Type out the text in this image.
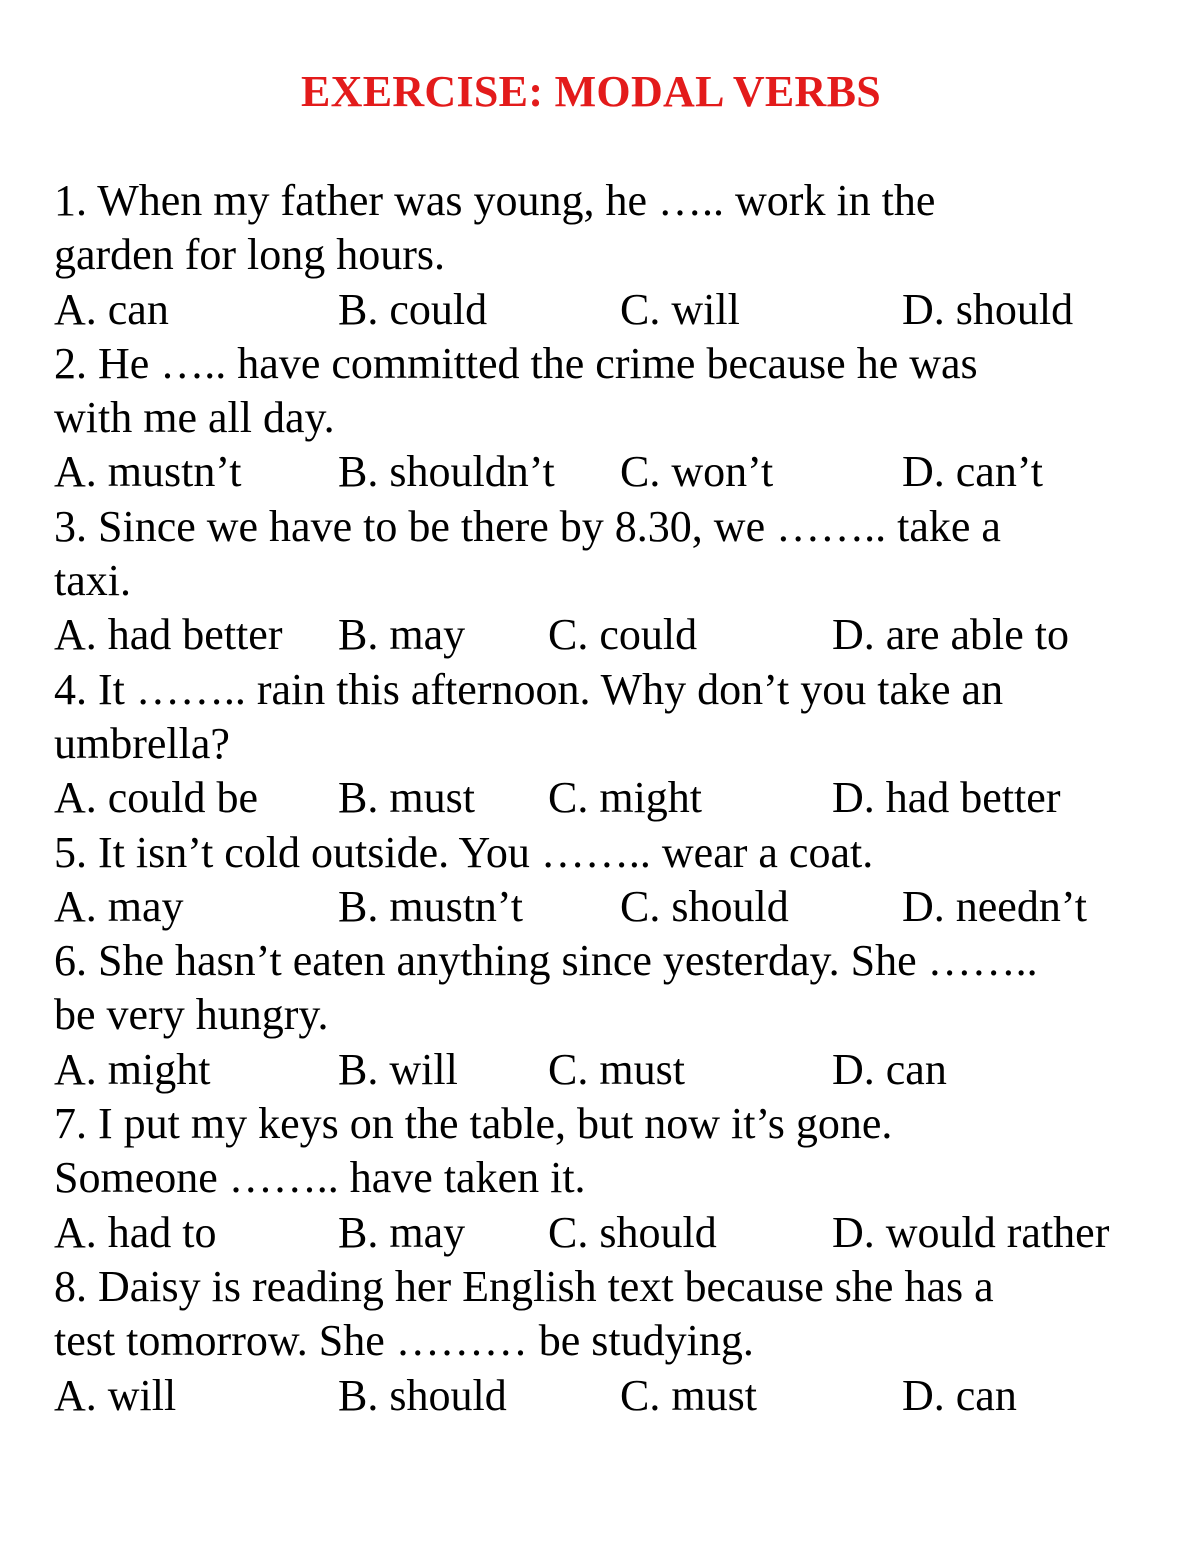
EXERCISE: MODAL VERBS
1. When my father was young, he ….. work in the
garden for long hours.
A. can	B. could	C. will	D. should
2. He ….. have committed the crime because he was
with me all day.
A. mustn’t B. shouldn’t C. won’t	D. can’t
3. Since we have to be there by 8.30, we …….. take a
taxi.
A. had better B. may C. could	D. are able to
4. It …….. rain this afternoon. Why don’t you take an
umbrella?
A. could be B. must C. might	D. had better
5. It isn’t cold outside. You …….. wear a coat.
A. may	B. mustn’t C. should	D. needn’t
6. She hasn’t eaten anything since yesterday. She ……..
be very hungry.
A. might	B. will C. must	D. can
7. I put my keys on the table, but now it’s gone.
Someone …….. have taken it.
A. had to	B. may C. should	D. would rather
8. Daisy is reading her English text because she has a
test tomorrow. She ……… be studying.
A. will	B. should	C. must	D. can
